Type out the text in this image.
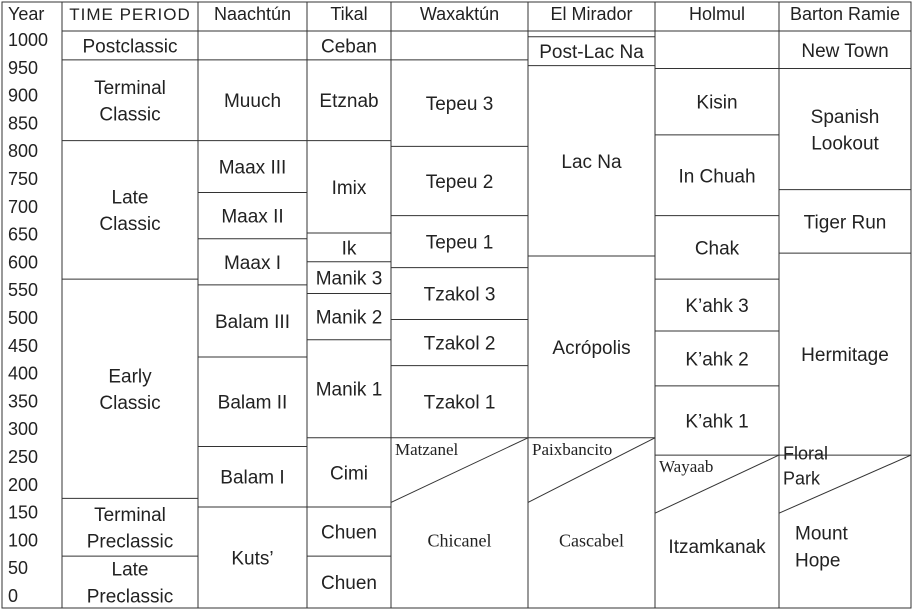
Year
1000
950
900
850
800
750
700
650
600
550
500
450
400
350
300
250
200
150
100
50
0
TIME PERIOD
Postclassic
Terminal Classic
Late Classic
Early Classic
Terminal Preclassic
Late Preclassic
Naachtún
Muuch
Maax III
Maax II
Maax I
Balam III
Balam II
Balam I
Kuts’
Tikal
Ceban
Etznab
Imix
Ik
Manik 3
Manik 2
Manik 1
Cimi
Chuen
Chuen
Waxaktún
Tepeu 3
Tepeu 2
Tepeu 1
Tzakol 3
Tzakol 2
Tzakol 1
Matzanel
Chicanel
El Mirador
Post-Lac Na
Lac Na
Acrópolis
Paixbancito
Cascabel
Holmul
Kisin
In Chuah
Chak
K’ahk 3
K’ahk 2
K’ahk 1
Wayaab
Itzamkanak
Barton Ramie
New Town
Spanish Lookout
Tiger Run
Hermitage
Floral Park
Mount Hope
